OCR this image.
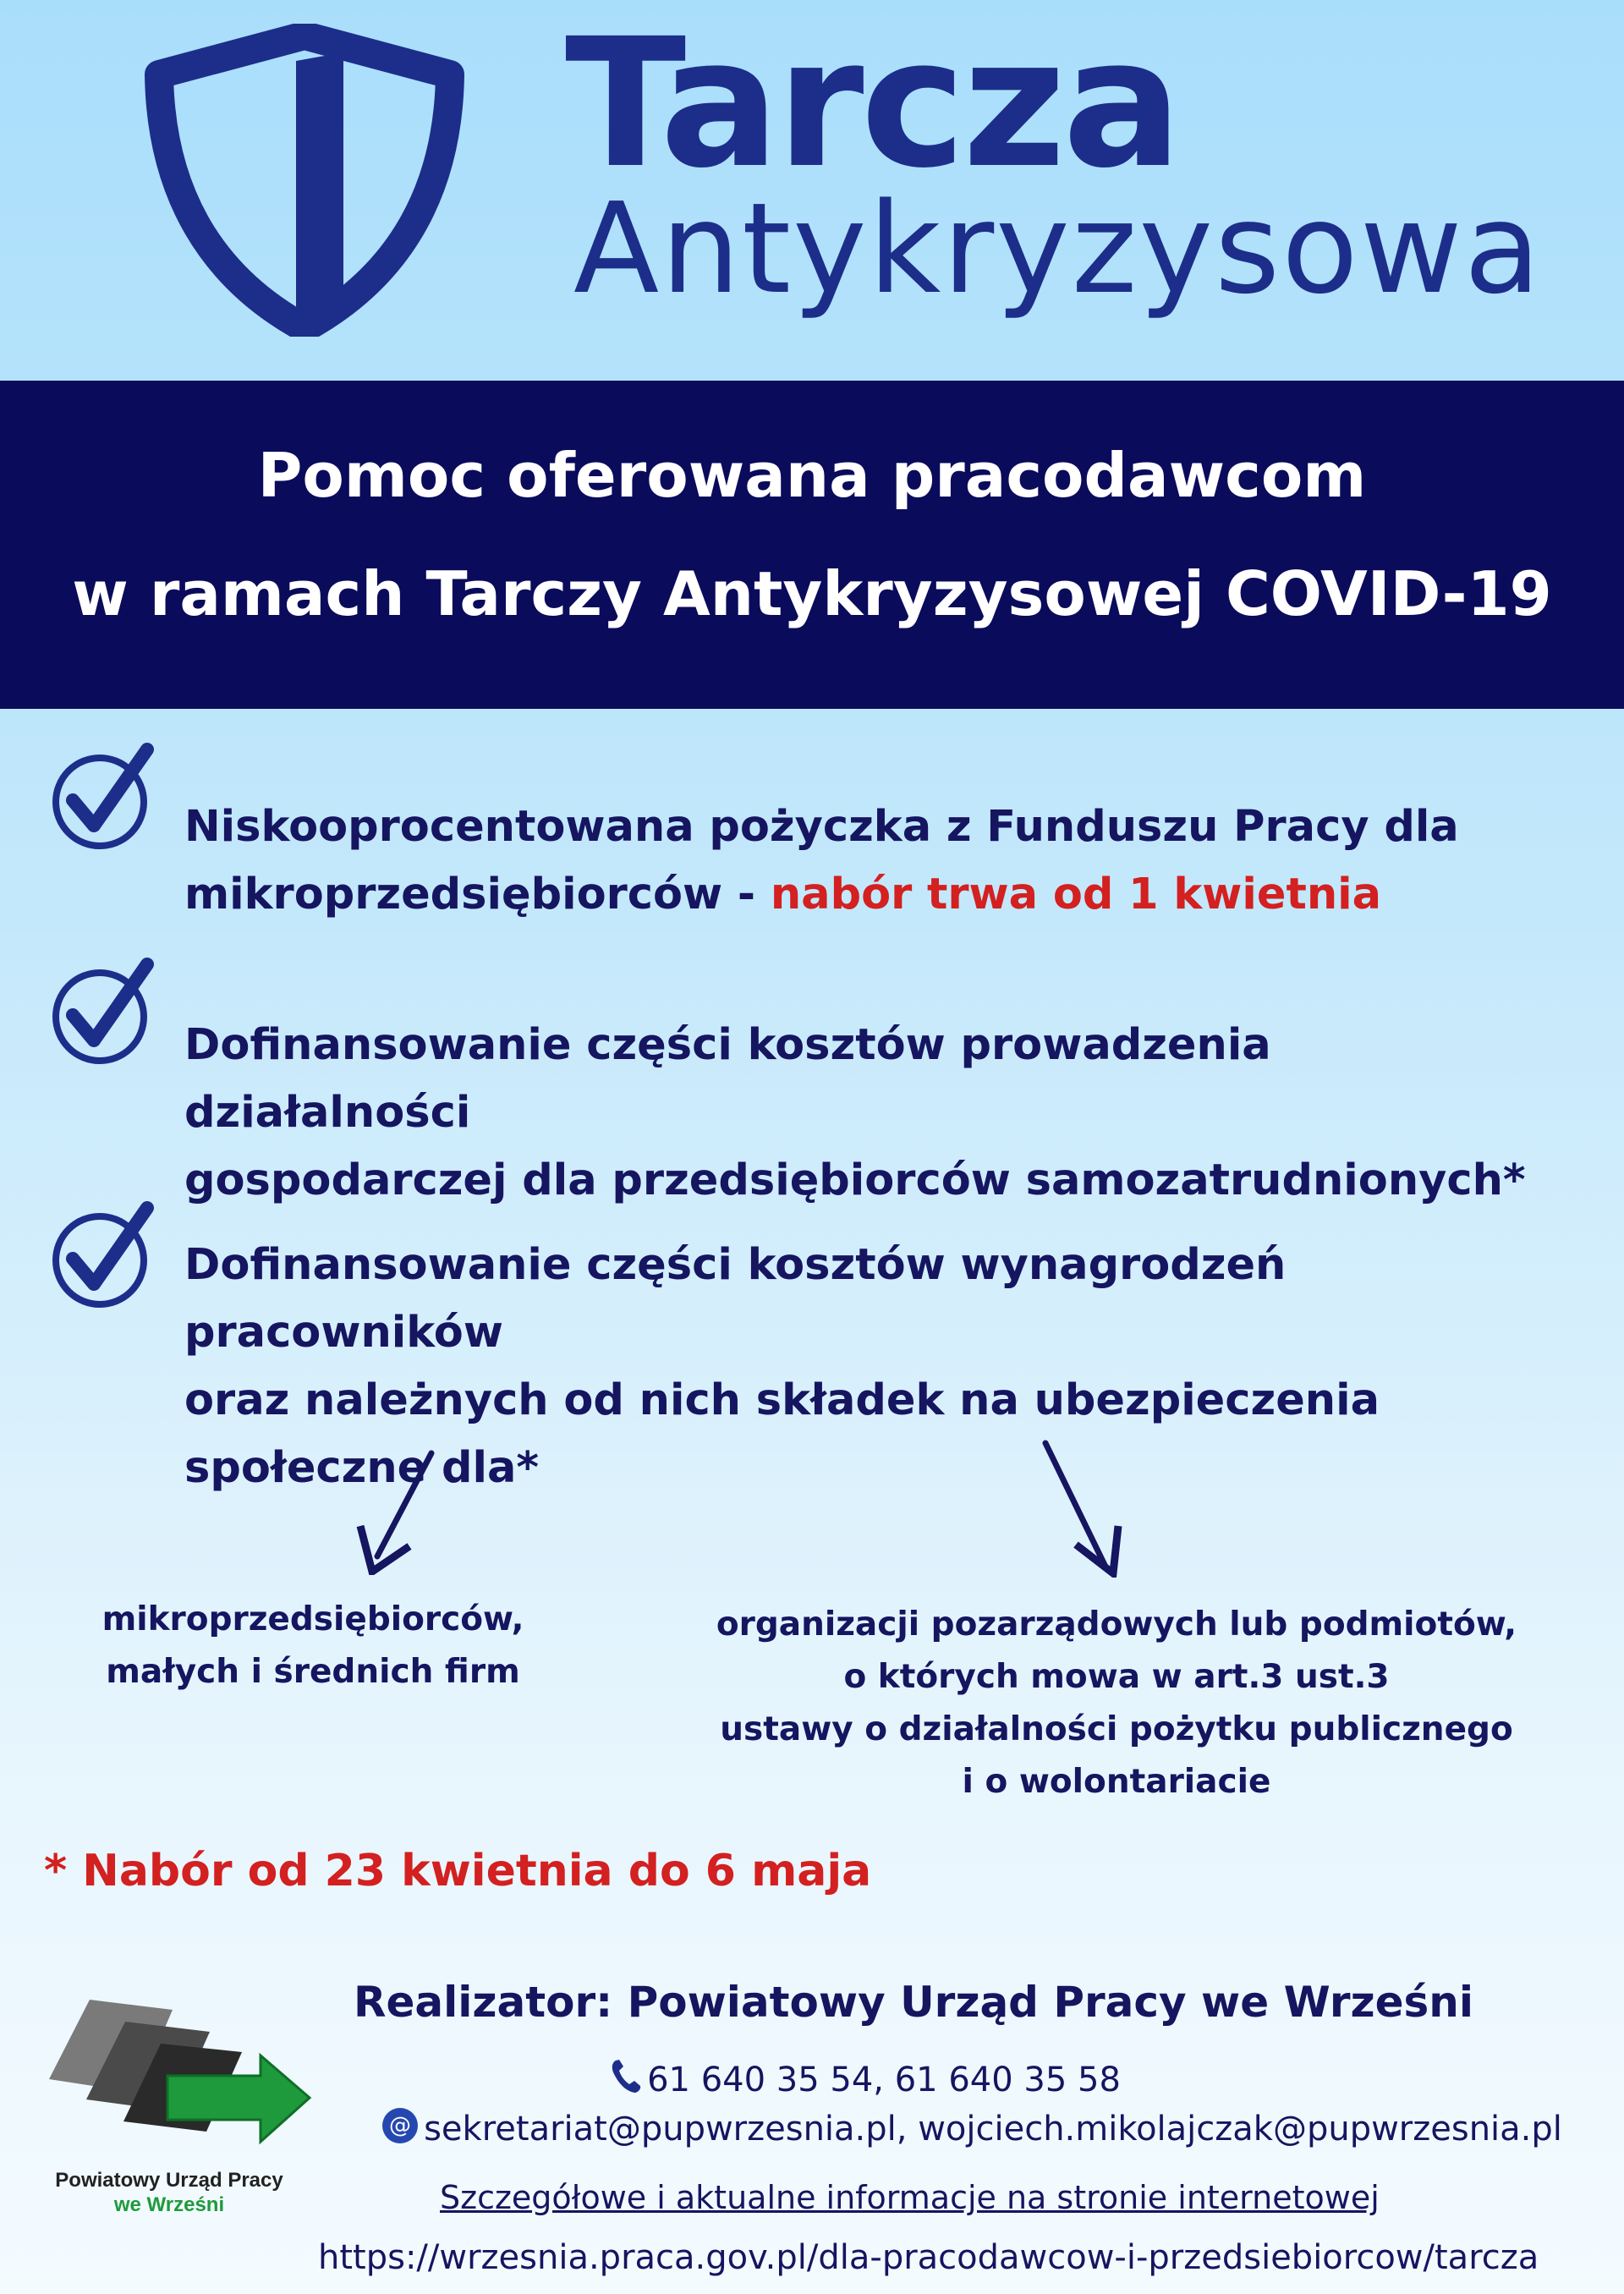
Tarcza
Antykryzysowa
Pomoc oferowana pracodawcom
w ramach Tarczy Antykryzysowej COVID-19
Niskooprocentowana pożyczka z Funduszu Pracy dla
mikroprzedsiębiorców - nabór trwa od 1 kwietnia
Dofinansowanie części kosztów prowadzenia działalności
gospodarczej dla przedsiębiorców samozatrudnionych*
Dofinansowanie części kosztów wynagrodzeń pracowników
oraz należnych od nich składek na ubezpieczenia
społeczne dla*
mikroprzedsiębiorców,
małych i średnich firm
organizacji pozarządowych lub podmiotów,
o których mowa w art.3 ust.3
ustawy o działalności pożytku publicznego
i o wolontariacie
* Nabór od 23 kwietnia do 6 maja
Realizator: Powiatowy Urząd Pracy we Wrześni
61 640 35 54, 61 640 35 58
@ sekretariat@pupwrzesnia.pl, wojciech.mikolajczak@pupwrzesnia.pl
Szczegółowe i aktualne informacje na stronie internetowej
https://wrzesnia.praca.gov.pl/dla-pracodawcow-i-przedsiebiorcow/tarcza
Powiatowy Urząd Pracy
we Wrześni
